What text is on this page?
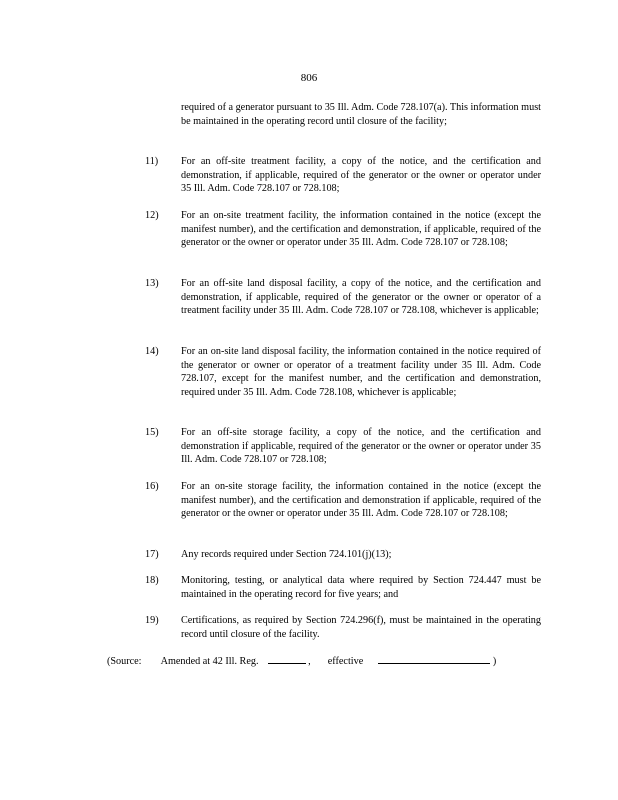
806
required of a generator pursuant to 35 Ill. Adm. Code 728.107(a). This information must be maintained in the operating record until closure of the facility;
11) For an off-site treatment facility, a copy of the notice, and the certification and demonstration, if applicable, required of the generator or the owner or operator under 35 Ill. Adm. Code 728.107 or 728.108;
12) For an on-site treatment facility, the information contained in the notice (except the manifest number), and the certification and demonstration, if applicable, required of the generator or the owner or operator under 35 Ill. Adm. Code 728.107 or 728.108;
13) For an off-site land disposal facility, a copy of the notice, and the certification and demonstration, if applicable, required of the generator or the owner or operator of a treatment facility under 35 Ill. Adm. Code 728.107 or 728.108, whichever is applicable;
14) For an on-site land disposal facility, the information contained in the notice required of the generator or owner or operator of a treatment facility under 35 Ill. Adm. Code 728.107, except for the manifest number, and the certification and demonstration, required under 35 Ill. Adm. Code 728.108, whichever is applicable;
15) For an off-site storage facility, a copy of the notice, and the certification and demonstration if applicable, required of the generator or the owner or operator under 35 Ill. Adm. Code 728.107 or 728.108;
16) For an on-site storage facility, the information contained in the notice (except the manifest number), and the certification and demonstration if applicable, required of the generator or the owner or operator under 35 Ill. Adm. Code 728.107 or 728.108;
17) Any records required under Section 724.101(j)(13);
18) Monitoring, testing, or analytical data where required by Section 724.447 must be maintained in the operating record for five years; and
19) Certifications, as required by Section 724.296(f), must be maintained in the operating record until closure of the facility.
(Source: Amended at 42 Ill. Reg.	, effective	)
